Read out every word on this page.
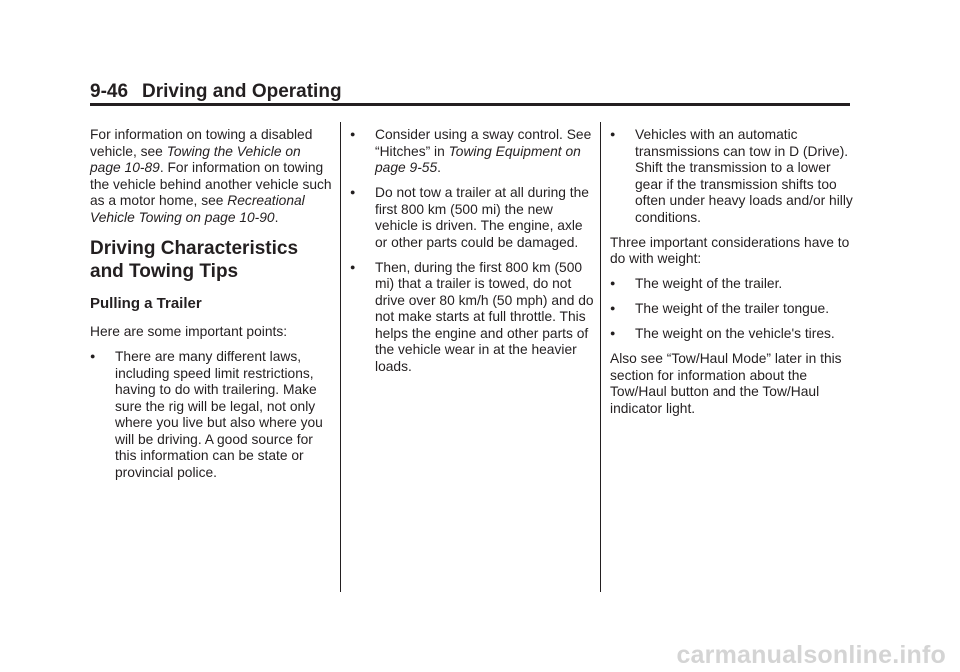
9-46 Driving and Operating

For information on towing a disabled vehicle, see Towing the Vehicle on page 10-89. For information on towing the vehicle behind another vehicle such as a motor home, see Recreational Vehicle Towing on page 10-90.

Driving Characteristics and Towing Tips
Pulling a Trailer

Here are some important points:

● There are many different laws, including speed limit restrictions, having to do with trailering. Make sure the rig will be legal, not only where you live but also where you will be driving. A good source for this information can be state or provincial police.
● Consider using a sway control. See “Hitches” in Towing Equipment on page 9-55.
● Do not tow a trailer at all during the first 800 km (500 mi) the new vehicle is driven. The engine, axle or other parts could be damaged.
● Then, during the first 800 km (500 mi) that a trailer is towed, do not drive over 80 km/h (50 mph) and do not make starts at full throttle. This helps the engine and other parts of the vehicle wear in at the heavier loads.
● Vehicles with an automatic transmissions can tow in D (Drive). Shift the transmission to a lower gear if the transmission shifts too often under heavy loads and/or hilly conditions.

Three important considerations have to do with weight:

● The weight of the trailer.
● The weight of the trailer tongue.
● The weight on the vehicle's tires.

Also see “Tow/Haul Mode” later in this section for information about the Tow/Haul button and the Tow/Haul indicator light.

carmanualsonline.info
